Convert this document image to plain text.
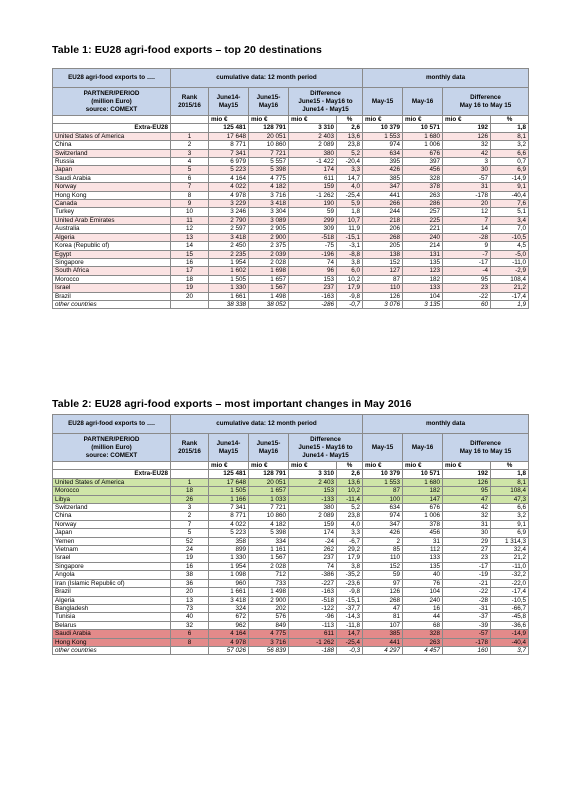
Table 1: EU28 agri-food exports – top 20 destinations
EU28 agri-food exports to ….	cumulative data: 12 month period					monthly data			
PARTNER/PERIOD
(million Euro)
source: COMEXT	Rank
2015/16	June14-
May15	June15-
May16	Difference
June15 - May16 to
June14 - May15		May-15	May-16	Difference
May 16 to May 15	
		mio €	mio €	mio €	%	mio €	mio €	mio €	%
Extra-EU28		125 481	128 791	3 310	2,6	10 379	10 571	192	1,8
United States of America	1	17 648	20 051	2 403	13,6	1 553	1 680	126	8,1
China	2	8 771	10 860	2 089	23,8	974	1 006	32	3,2
Switzerland	3	7 341	7 721	380	5,2	634	676	42	6,6
Russia	4	6 979	5 557	-1 422	-20,4	395	397	3	0,7
Japan	5	5 223	5 398	174	3,3	426	456	30	6,9
Saudi Arabia	6	4 164	4 775	611	14,7	385	328	-57	-14,9
Norway	7	4 022	4 182	159	4,0	347	378	31	9,1
Hong Kong	8	4 978	3 716	-1 262	-25,4	441	263	-178	-40,4
Canada	9	3 229	3 418	190	5,9	266	286	20	7,6
Turkey	10	3 246	3 304	59	1,8	244	257	12	5,1
United Arab Emirates	11	2 790	3 089	299	10,7	218	225	7	3,4
Australia	12	2 597	2 905	309	11,9	206	221	14	7,0
Algeria	13	3 418	2 900	-518	-15,1	268	240	-28	-10,5
Korea (Republic of)	14	2 450	2 375	-75	-3,1	205	214	9	4,5
Egypt	15	2 235	2 039	-196	-8,8	138	131	-7	-5,0
Singapore	16	1 954	2 028	74	3,8	152	135	-17	-11,0
South Africa	17	1 602	1 698	96	6,0	127	123	-4	-2,9
Morocco	18	1 505	1 657	153	10,2	87	182	95	108,4
Israel	19	1 330	1 567	237	17,9	110	133	23	21,2
Brazil	20	1 661	1 498	-163	-9,8	126	104	-22	-17,4
other countries		38 338	38 052	-286	-0,7	3 076	3 135	60	1,9
Table 2: EU28 agri-food exports – most important changes in May 2016
EU28 agri-food exports to ….	cumulative data: 12 month period					monthly data			
PARTNER/PERIOD
(million Euro)
source: COMEXT	Rank
2015/16	June14-
May15	June15-
May16	Difference
June15 - May16 to
June14 - May15		May-15	May-16	Difference
May 16 to May 15	
		mio €	mio €	mio €	%	mio €	mio €	mio €	%
Extra-EU28		125 481	128 791	3 310	2,6	10 379	10 571	192	1,8
United States of America	1	17 648	20 051	2 403	13,6	1 553	1 680	126	8,1
Morocco	18	1 505	1 657	153	10,2	87	182	95	108,4
Libya	26	1 166	1 033	-133	-11,4	100	147	47	47,3
Switzerland	3	7 341	7 721	380	5,2	634	676	42	6,6
China	2	8 771	10 860	2 089	23,8	974	1 006	32	3,2
Norway	7	4 022	4 182	159	4,0	347	378	31	9,1
Japan	5	5 223	5 398	174	3,3	426	456	30	6,9
Yemen	52	358	334	-24	-6,7	2	31	29	1 314,3
Vietnam	24	899	1 161	262	29,2	85	112	27	32,4
Israel	19	1 330	1 567	237	17,9	110	133	23	21,2
Singapore	16	1 954	2 028	74	3,8	152	135	-17	-11,0
Angola	38	1 098	712	-386	-35,2	59	40	-19	-32,2
Iran (Islamic Republic of)	36	960	733	-227	-23,6	97	76	-21	-22,0
Brazil	20	1 661	1 498	-163	-9,8	126	104	-22	-17,4
Algeria	13	3 418	2 900	-518	-15,1	268	240	-28	-10,5
Bangladesh	73	324	202	-122	-37,7	47	16	-31	-66,7
Tunisia	40	672	576	-96	-14,3	81	44	-37	-45,8
Belarus	32	962	849	-113	-11,8	107	68	-39	-36,6
Saudi Arabia	6	4 164	4 775	611	14,7	385	328	-57	-14,9
Hong Kong	8	4 978	3 716	-1 262	-25,4	441	263	-178	-40,4
other countries		57 026	56 839	-188	-0,3	4 297	4 457	160	3,7
